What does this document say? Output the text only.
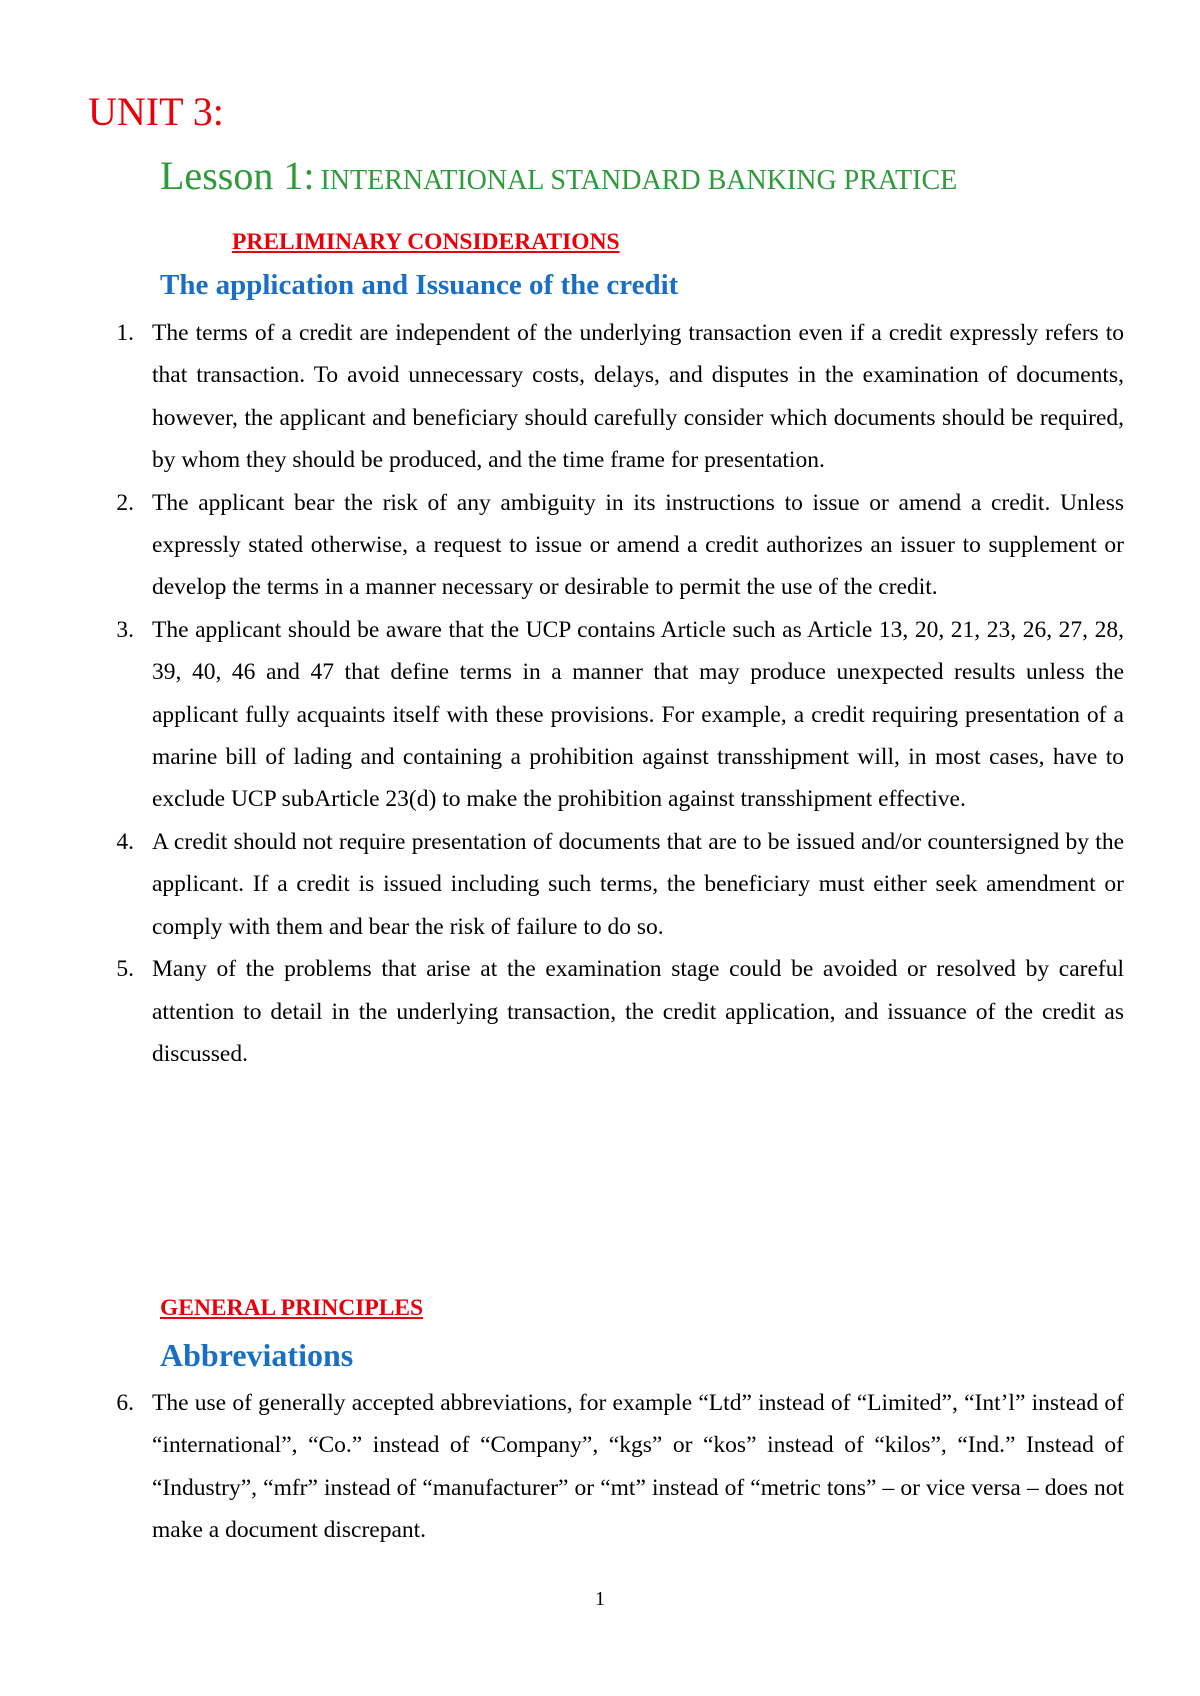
UNIT 3:
Lesson 1: INTERNATIONAL STANDARD BANKING PRATICE
PRELIMINARY CONSIDERATIONS
The application and Issuance of the credit
1. The terms of a credit are independent of the underlying transaction even if a credit expressly refers to that transaction. To avoid unnecessary costs, delays, and disputes in the examination of documents, however, the applicant and beneficiary should carefully consider which documents should be required, by whom they should be produced, and the time frame for presentation.
2. The applicant bear the risk of any ambiguity in its instructions to issue or amend a credit. Unless expressly stated otherwise, a request to issue or amend a credit authorizes an issuer to supplement or develop the terms in a manner necessary or desirable to permit the use of the credit.
3. The applicant should be aware that the UCP contains Article such as Article 13, 20, 21, 23, 26, 27, 28, 39, 40, 46 and 47 that define terms in a manner that may produce unexpected results unless the applicant fully acquaints itself with these provisions. For example, a credit requiring presentation of a marine bill of lading and containing a prohibition against transshipment will, in most cases, have to exclude UCP subArticle 23(d) to make the prohibition against transshipment effective.
4. A credit should not require presentation of documents that are to be issued and/or countersigned by the applicant. If a credit is issued including such terms, the beneficiary must either seek amendment or comply with them and bear the risk of failure to do so.
5. Many of the problems that arise at the examination stage could be avoided or resolved by careful attention to detail in the underlying transaction, the credit application, and issuance of the credit as discussed.
GENERAL PRINCIPLES
Abbreviations
6. The use of generally accepted abbreviations, for example “Ltd” instead of “Limited”, “Int’l” instead of “international”, “Co.” instead of “Company”, “kgs” or “kos” instead of “kilos”, “Ind.” Instead of “Industry”, “mfr” instead of “manufacturer” or “mt” instead of “metric tons” – or vice versa – does not make a document discrepant.

1
